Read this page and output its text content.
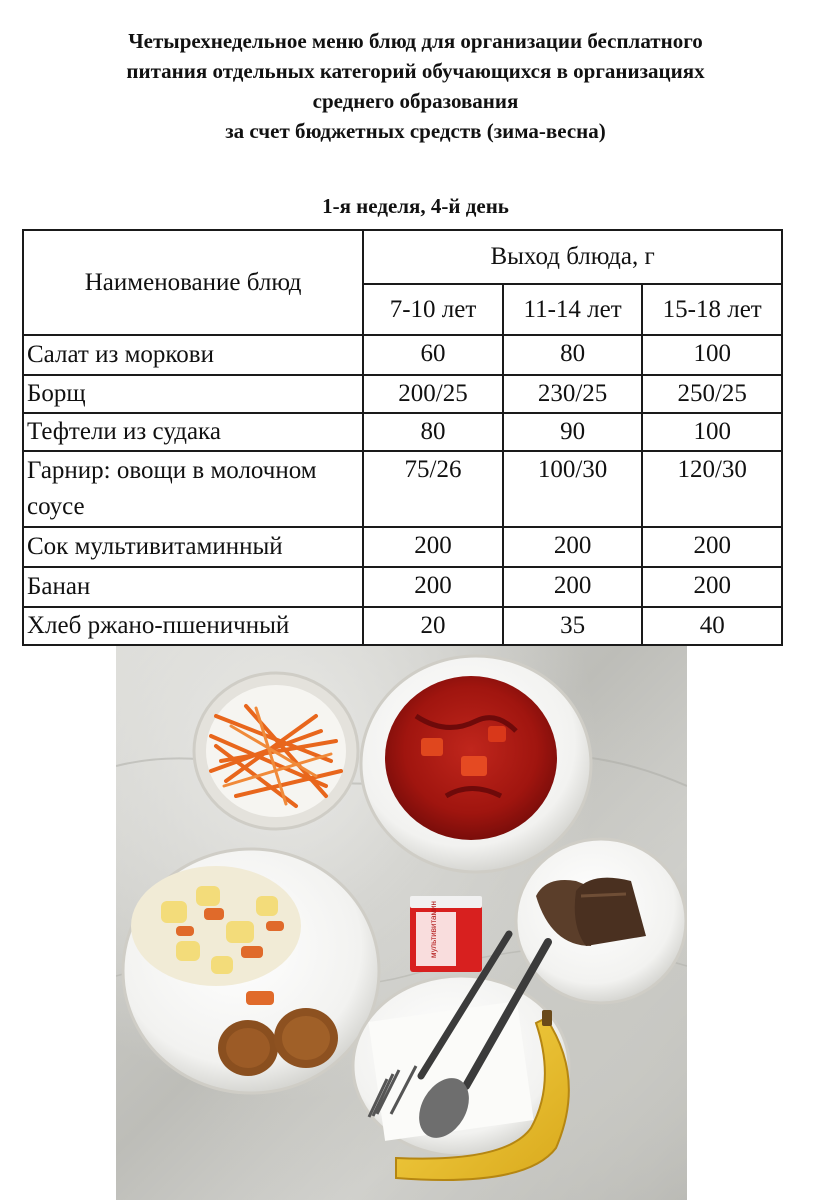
Четырехнедельное меню блюд для организации бесплатного
питания отдельных категорий обучающихся в организациях
среднего образования
за счет бюджетных средств (зима-весна)
1-я неделя, 4-й день
Наименование блюд	Выход блюда, г		
	7-10 лет	11-14 лет	15-18 лет
Салат из моркови	60	80	100
Борщ	200/25	230/25	250/25
Тефтели из судака	80	90	100
Гарнир: овощи в молочном соусе	75/26	100/30	120/30
Сок мультивитаминный	200	200	200
Банан	200	200	200
Хлеб ржано-пшеничный	20	35	40
мультивитамин
